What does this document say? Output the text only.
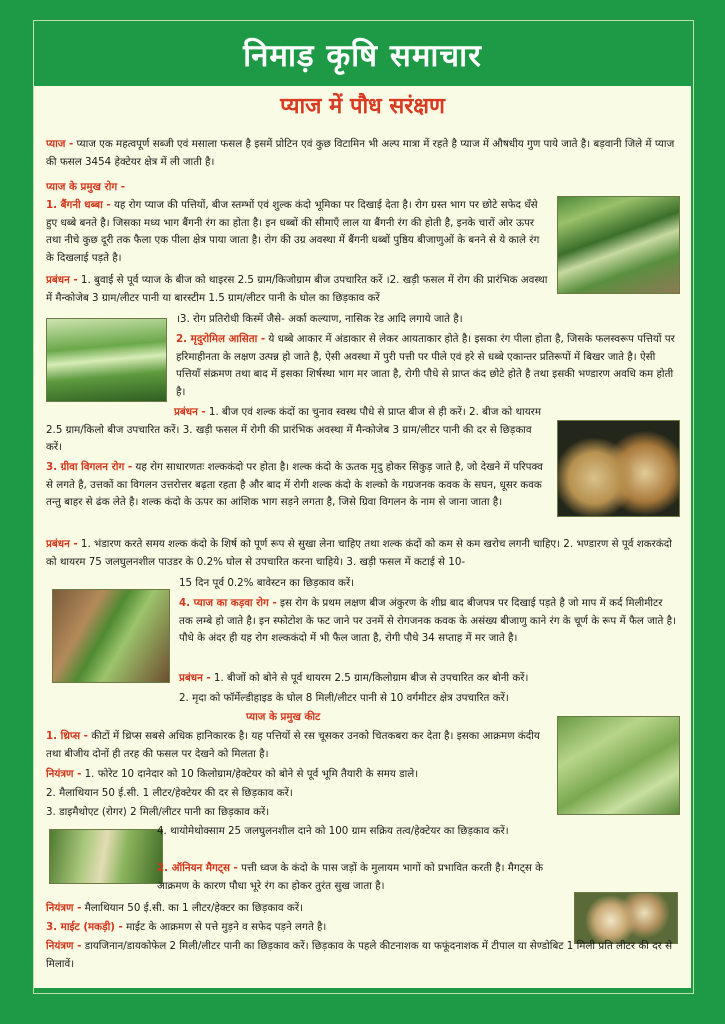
निमाड़ कृषि समाचार
प्याज में पौध सरंक्षण

प्याज - प्याज एक महत्वपूर्ण सब्जी एवं मसाला फसल है इसमें प्रोटिन एवं कुछ विटामिन भी अल्प मात्रा में रहते है प्याज में औषधीय गुण पाये जाते है। बड़वानी जिले में प्याज की फसल 3454 हेक्टेयर क्षेत्र में ली जाती है।

प्याज के प्रमुख रोग -

1. बैंगनी धब्बा - यह रोग प्याज की पत्तियों, बीज स्तम्भों एवं शुल्क कंदो भूमिका पर दिखाई देता है। रोग ग्रस्त भाग पर छोटे सफेद धँसे हुए धब्बे बनते है। जिसका मध्य भाग बैंगनी रंग का होता है। इन धब्बों की सीमाएँ लाल या बैंगनी रंग की होती है, इनके चारों ओर ऊपर तथा नीचे कुछ दूरी तक फैला एक पीला क्षेत्र पाया जाता है। रोग की उग्र अवस्था में बैंगनी धब्बों पुष्ठिय बीजाणुओं के बनने से ये काले रंग के दिखलाई पड़ते है।

प्रबंधन - 1. बुवाई से पूर्व प्याज के बीज को थाइरस 2.5 ग्राम/किजोग्राम बीज उपचारित करें ।2. खड़ी फसल में रोग की प्रारंभिक अवस्था में मैन्कोजेब 3 ग्राम/लीटर पानी या बारस्टीम 1.5 ग्राम/लीटर पानी के घोल का छिड़काव करें

।3. रोग प्रतिरोधी किस्में जैसे- अर्का कल्याण, नासिक रेड आदि लगाये जाते है।

2. मृदुरोमिल आसिता - ये धब्बे आकार में अंडाकार से लेकर आयताकार होते है। इसका रंग पीला होता है, जिसके फलस्वरूप पत्तियों पर हरिमाहीनता के लक्षण उत्पन्न हो जाते है, ऐसी अवस्था में पुरी पत्ती पर पीले एवं हरे से धब्बे एकान्तर प्रतिरूपों में बिखर जाते है। ऐसी पत्तियाँ संक्रमण तथा बाद में इसका शिर्षस्था भाग मर जाता है, रोगी पौधे से प्राप्त कंद छोटे होते है तथा इसकी भण्डारण अवधि कम होती है।

प्रबंधन - 1. बीज एवं शल्क कंदों का चुनाव स्वस्थ पौधे से प्राप्त बीज से ही करें। 2. बीज को थायरम 2.5 ग्राम/किलो बीज उपचारित करें। 3. खड़ी फसल में रोगी की प्रारंभिक अवस्था में मैन्कोजेब 3 ग्राम/लीटर पानी की दर से छिड़काव करें।

3. ग्रीवा विगलन रोग - यह रोग साधारणतः शल्ककंदो पर होता है। शल्क कंदो के ऊतक मृदु होकर सिकुड़ जाते है, जो देखने में परिपक्व से लगते है, उत्तकों का विगलन उत्तरोत्तर बढ़ता रहता है और बाद में रोगी शल्क कंदो के शल्को के गग्रजनक कवक के सघन, धूसर कवक तन्तु बाहर से ढंक लेते है। शल्क कंदो के ऊपर का आंशिक भाग सड़ने लगता है, जिसे ग्रिवा विगलन के नाम से जाना जाता है।

प्रबंधन - 1. भंडारण करते समय शल्क कंदो के शिर्ष को पूर्ण रूप से सुखा लेना चाहिए तथा शल्क कंदों को कम से कम खरोच लगनी चाहिए। 2. भण्डारण से पूर्व शकरकंदो को थायरम 75 जलघुलनशील पाउडर के 0.2% घोल से उपचारित करना चाहिये। 3. खड़ी फसल में कटाई से 10-

15 दिन पूर्व 0.2% बावेस्टन का छिड़काव करें।

4. प्याज का कड़वा रोग - इस रोग के प्रथम लक्षण बीज अंकुरण के शीघ्र बाद बीजपत्र पर दिखाई पड़ते है जो माप में कर्द मिलीमीटर तक लम्बे हो जाते है। इन स्फोटोश के फट जाने पर उनमें से रोगजनक कवक के असंख्य बीजाणु काने रंग के चूर्ण के रूप में फैल जाते है। पौधे के अंदर ही यह रोग शल्ककंदो में भी फैल जाता है, रोगी पौधे 34 सप्ताह में मर जाते है।

प्रबंधन - 1. बीजों को बोने से पूर्व थायरम 2.5 ग्राम/किलोग्राम बीज से उपचारित कर बोनी करें।

2. मृदा को फॉर्मेल्डीहाइड के घोल 8 मिली/लीटर पानी से 10 वर्गमीटर क्षेत्र उपचारित करें।

प्याज के प्रमुख कीट

1. थ्रिप्स - कीटों में थ्रिप्स सबसे अधिक हानिकारक है। यह पत्तियों से रस चूसकर उनको चितकबरा कर देता है। इसका आक्रमण कंदीय तथा बीजीय दोनों ही तरह की फसल पर देखने को मिलता है।

नियंत्रण - 1. फोरेट 10 दानेदार को 10 किलोग्राम/हेक्टेयर को बोने से पूर्व भूमि तैयारी के समय डाले।

2. मैलाथियान 50 ई.सी. 1 लीटर/हेक्टेयर की दर से छिड़काव करें।

3. डाइमैथोएट (रोगर) 2 मिली/लीटर पानी का छिड़काव करें।

4. थायोमेथोक्साम 25 जलघुलनशील दाने को 100 ग्राम सक्रिय तत्व/हेक्टेयर का छिड़काव करें।

2. ऑनियन मैगट्स - पत्ती ध्वज के कंदो के पास जड़ों के मुलायम भागों को प्रभावित करती है। मैगट्स के आक्रमण के कारण पौधा भूरे रंग का होकर तुरंत सुख जाता है।

नियंत्रण - मैलाथियान 50 ई.सी. का 1 लीटर/हेक्टर का छिड़काव करें।

3. माईट (मकड़ी) - माईट के आक्रमण से पत्ते मुड़ने व सफेद पड़ने लगते है।

नियंत्रण - डायजिनान/डायकोफेल 2 मिली/लीटर पानी का छिड़काव करें। छिड़काव के पहले कीटनाशक या फफूंदनाशक में टीपाल या सेण्डोबिट 1 मिली प्रति लीटर की दर से मिलावें।
